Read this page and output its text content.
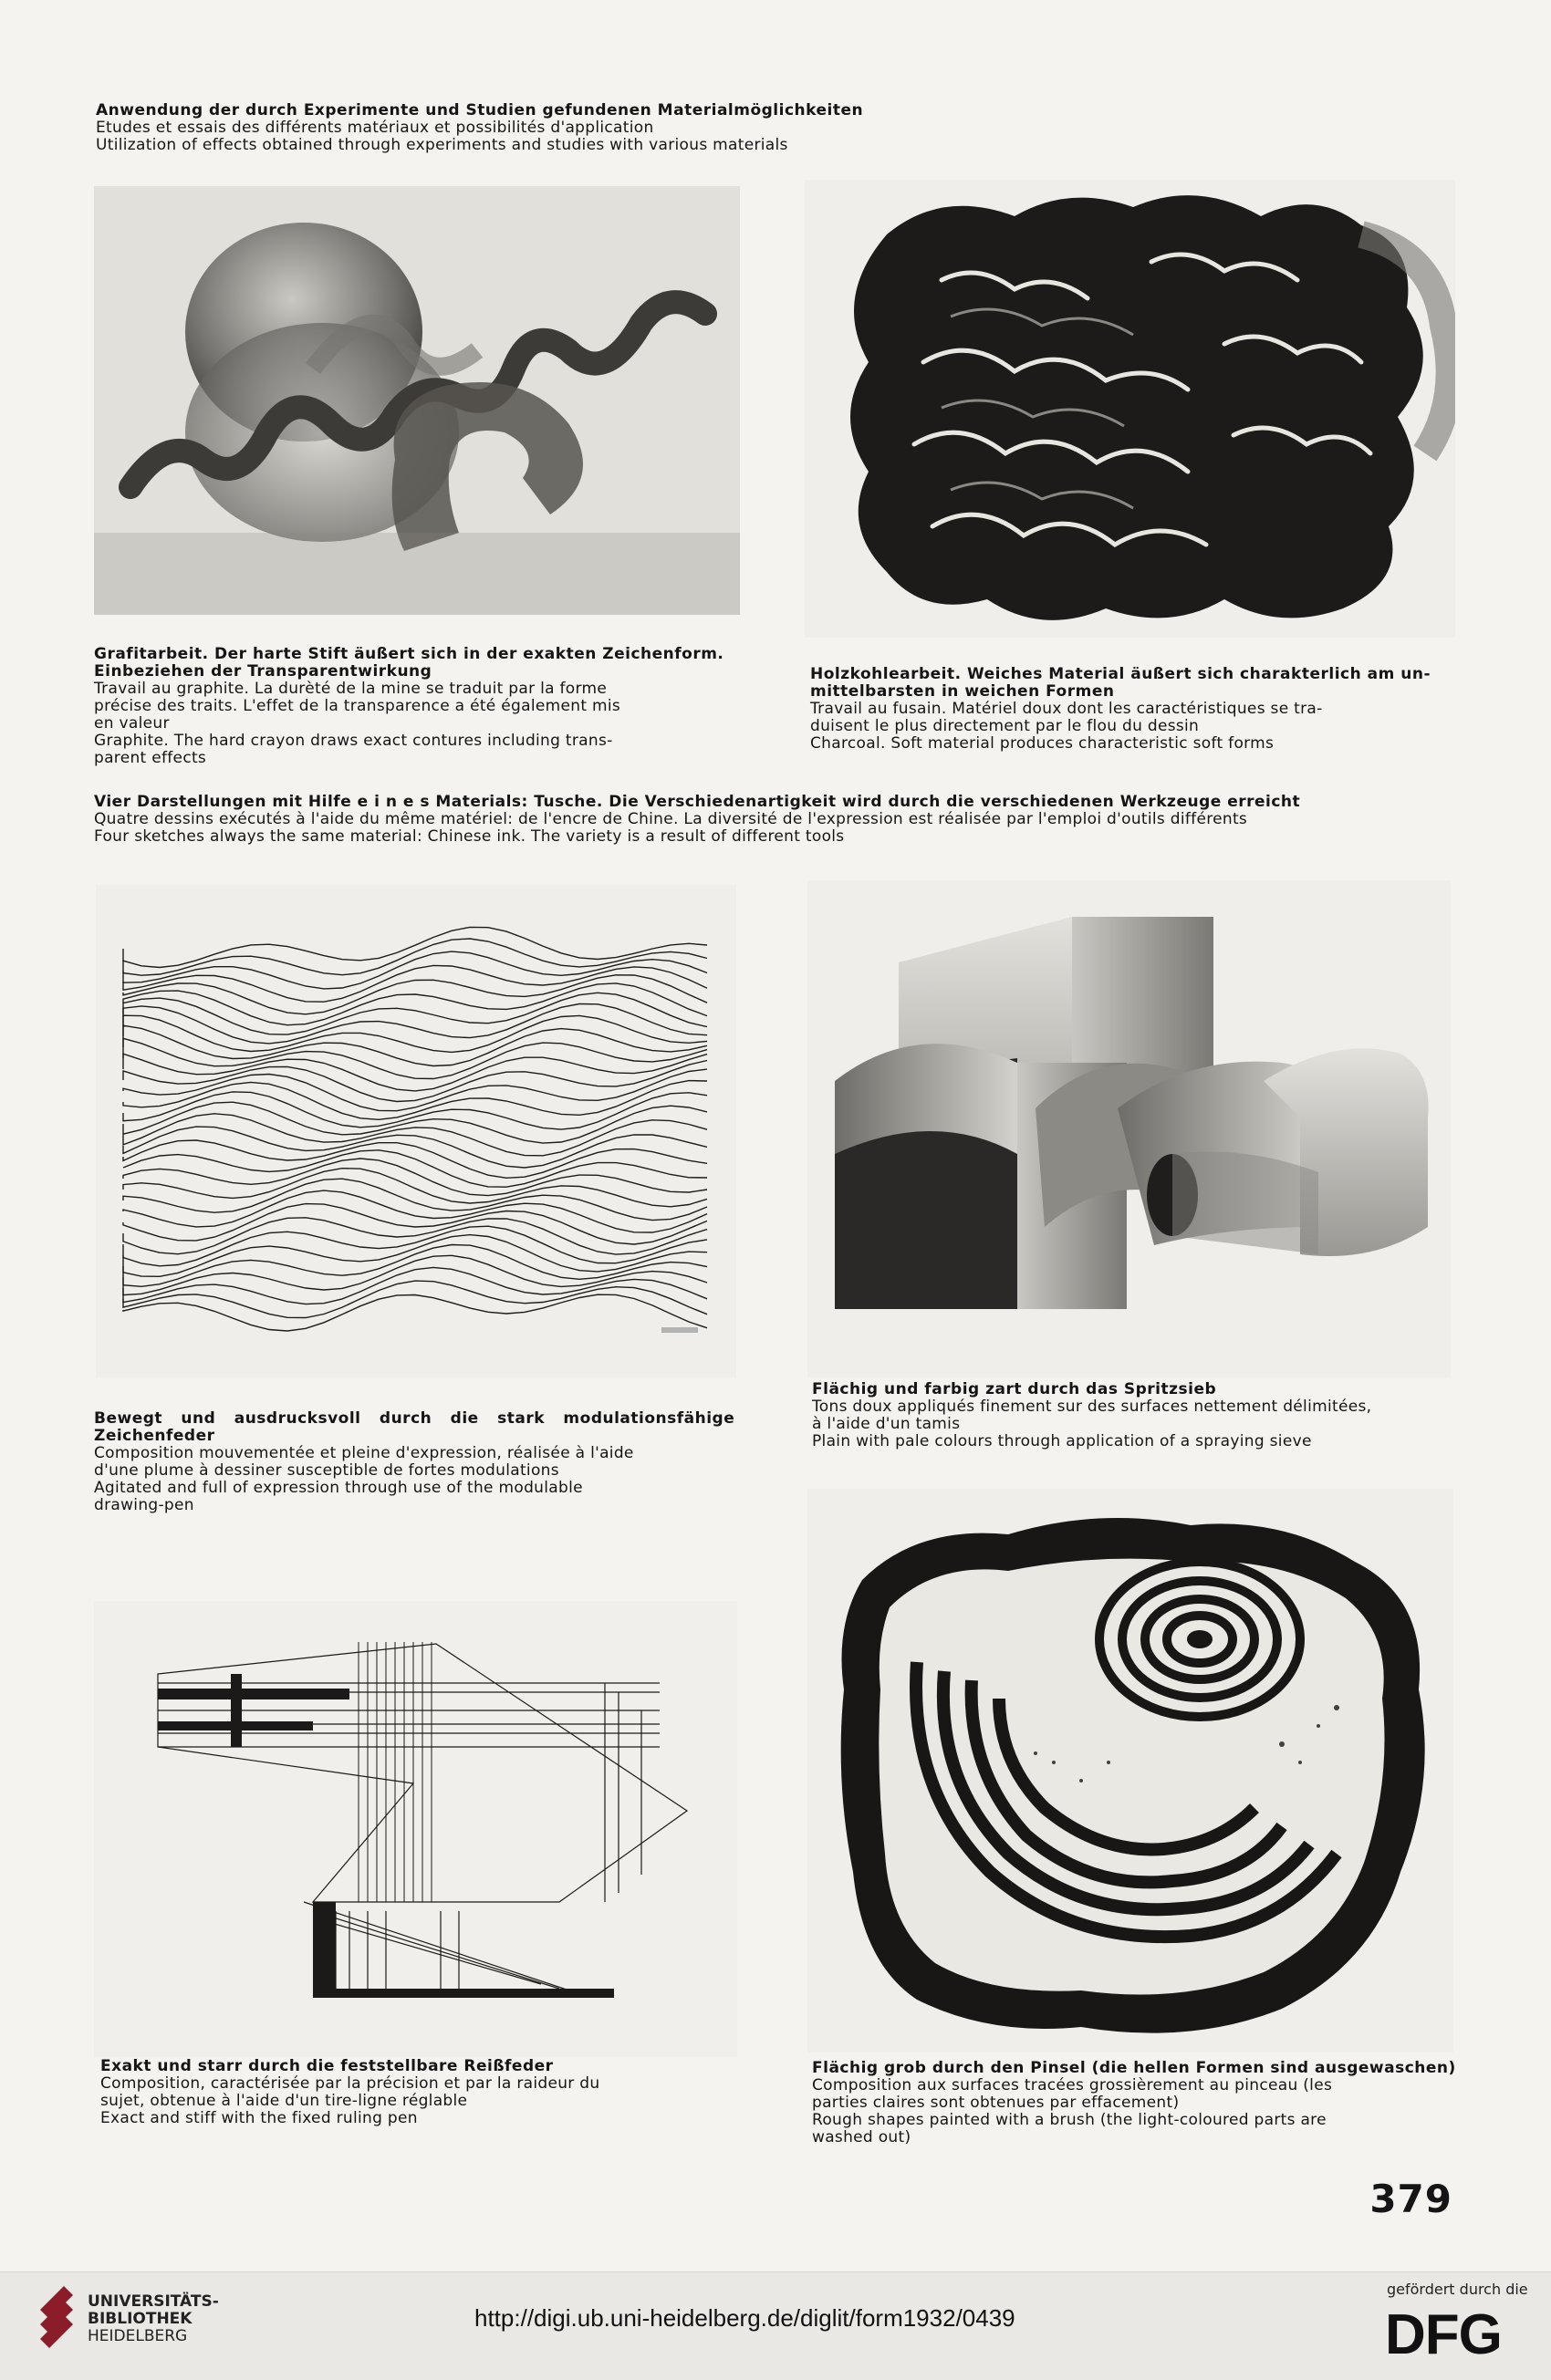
Anwendung der durch Experimente und Studien gefundenen Materialmöglichkeiten
Etudes et essais des différents matériaux et possibilités d'application
Utilization of effects obtained through experiments and studies with various materials
Grafitarbeit. Der harte Stift äußert sich in der exakten Zeichenform.
Einbeziehen der Transparentwirkung
Travail au graphite. La durèté de la mine se traduit par la forme
précise des traits. L'effet de la transparence a été également mis
en valeur
Graphite. The hard crayon draws exact contures including trans-
parent effects
Holzkohlearbeit. Weiches Material äußert sich charakterlich am un-
mittelbarsten in weichen Formen
Travail au fusain. Matériel doux dont les caractéristiques se tra-
duisent le plus directement par le flou du dessin
Charcoal. Soft material produces characteristic soft forms
Vier Darstellungen mit Hilfe e i n e s Materials: Tusche. Die Verschiedenartigkeit wird durch die verschiedenen Werkzeuge erreicht
Quatre dessins exécutés à l'aide du même matériel: de l'encre de Chine. La diversité de l'expression est réalisée par l'emploi d'outils différents
Four sketches always the same material: Chinese ink. The variety is a result of different tools
Bewegt und ausdrucksvoll durch die stark modulationsfähige
Zeichenfeder
Composition mouvementée et pleine d'expression, réalisée à l'aide
d'une plume à dessiner susceptible de fortes modulations
Agitated and full of expression through use of the modulable
drawing-pen
Flächig und farbig zart durch das Spritzsieb
Tons doux appliqués finement sur des surfaces nettement délimitées,
à l'aide d'un tamis
Plain with pale colours through application of a spraying sieve
Exakt und starr durch die feststellbare Reißfeder
Composition, caractérisée par la précision et par la raideur du
sujet, obtenue à l'aide d'un tire-ligne réglable
Exact and stiff with the fixed ruling pen
Flächig grob durch den Pinsel (die hellen Formen sind ausgewaschen)
Composition aux surfaces tracées grossièrement au pinceau (les
parties claires sont obtenues par effacement)
Rough shapes painted with a brush (the light-coloured parts are
washed out)
379
UNIVERSITÄTS-
BIBLIOTHEK
HEIDELBERG
http://digi.ub.uni-heidelberg.de/diglit/form1932/0439
gefördert durch die
DFG
